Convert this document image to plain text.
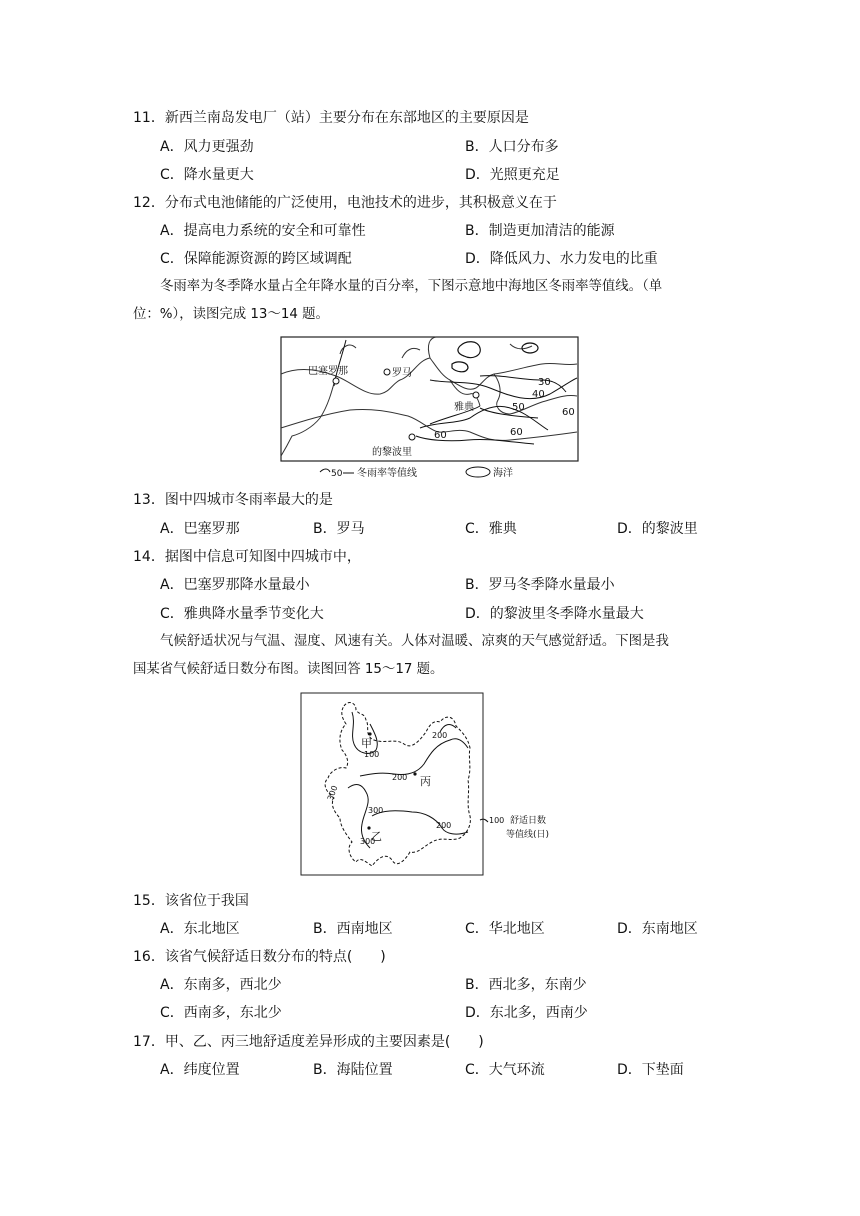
11．新西兰南岛发电厂（站）主要分布在东部地区的主要原因是
A．风力更强劲	B．人口分布多
C．降水量更大	D．光照更充足
12．分布式电池储能的广泛使用，电池技术的进步，其积极意义在于
A．提高电力系统的安全和可靠性	B．制造更加清洁的能源
C．保障能源资源的跨区域调配	D．降低风力、水力发电的比重
冬雨率为冬季降水量占全年降水量的百分率，下图示意地中海地区冬雨率等值线。（单
位：%），读图完成 13～14 题。
巴塞罗那	罗马
雅典
的黎波里
30
40
50	60
60	60
50 冬雨率等值线	海洋
13．图中四城市冬雨率最大的是
A．巴塞罗那	B．罗马	C．雅典	D．的黎波里
14．据图中信息可知图中四城市中，
A．巴塞罗那降水量最小	B．罗马冬季降水量最小
C．雅典降水量季节变化大	D．的黎波里冬季降水量最大
气候舒适状况与气温、湿度、风速有关。人体对温暖、凉爽的天气感觉舒适。下图是我
国某省气候舒适日数分布图。读图回答 15～17 题。
甲
丙
乙
100
200
200
200
300
300
300
100 舒适日数
等值线(日)
15．该省位于我国
A．东北地区	B．西南地区	C．华北地区	D．东南地区
16．该省气候舒适日数分布的特点(　　)
A．东南多，西北少	B．西北多，东南少
C．西南多，东北少	D．东北多，西南少
17．甲、乙、丙三地舒适度差异形成的主要因素是(　　)
A．纬度位置	B．海陆位置	C．大气环流	D．下垫面
